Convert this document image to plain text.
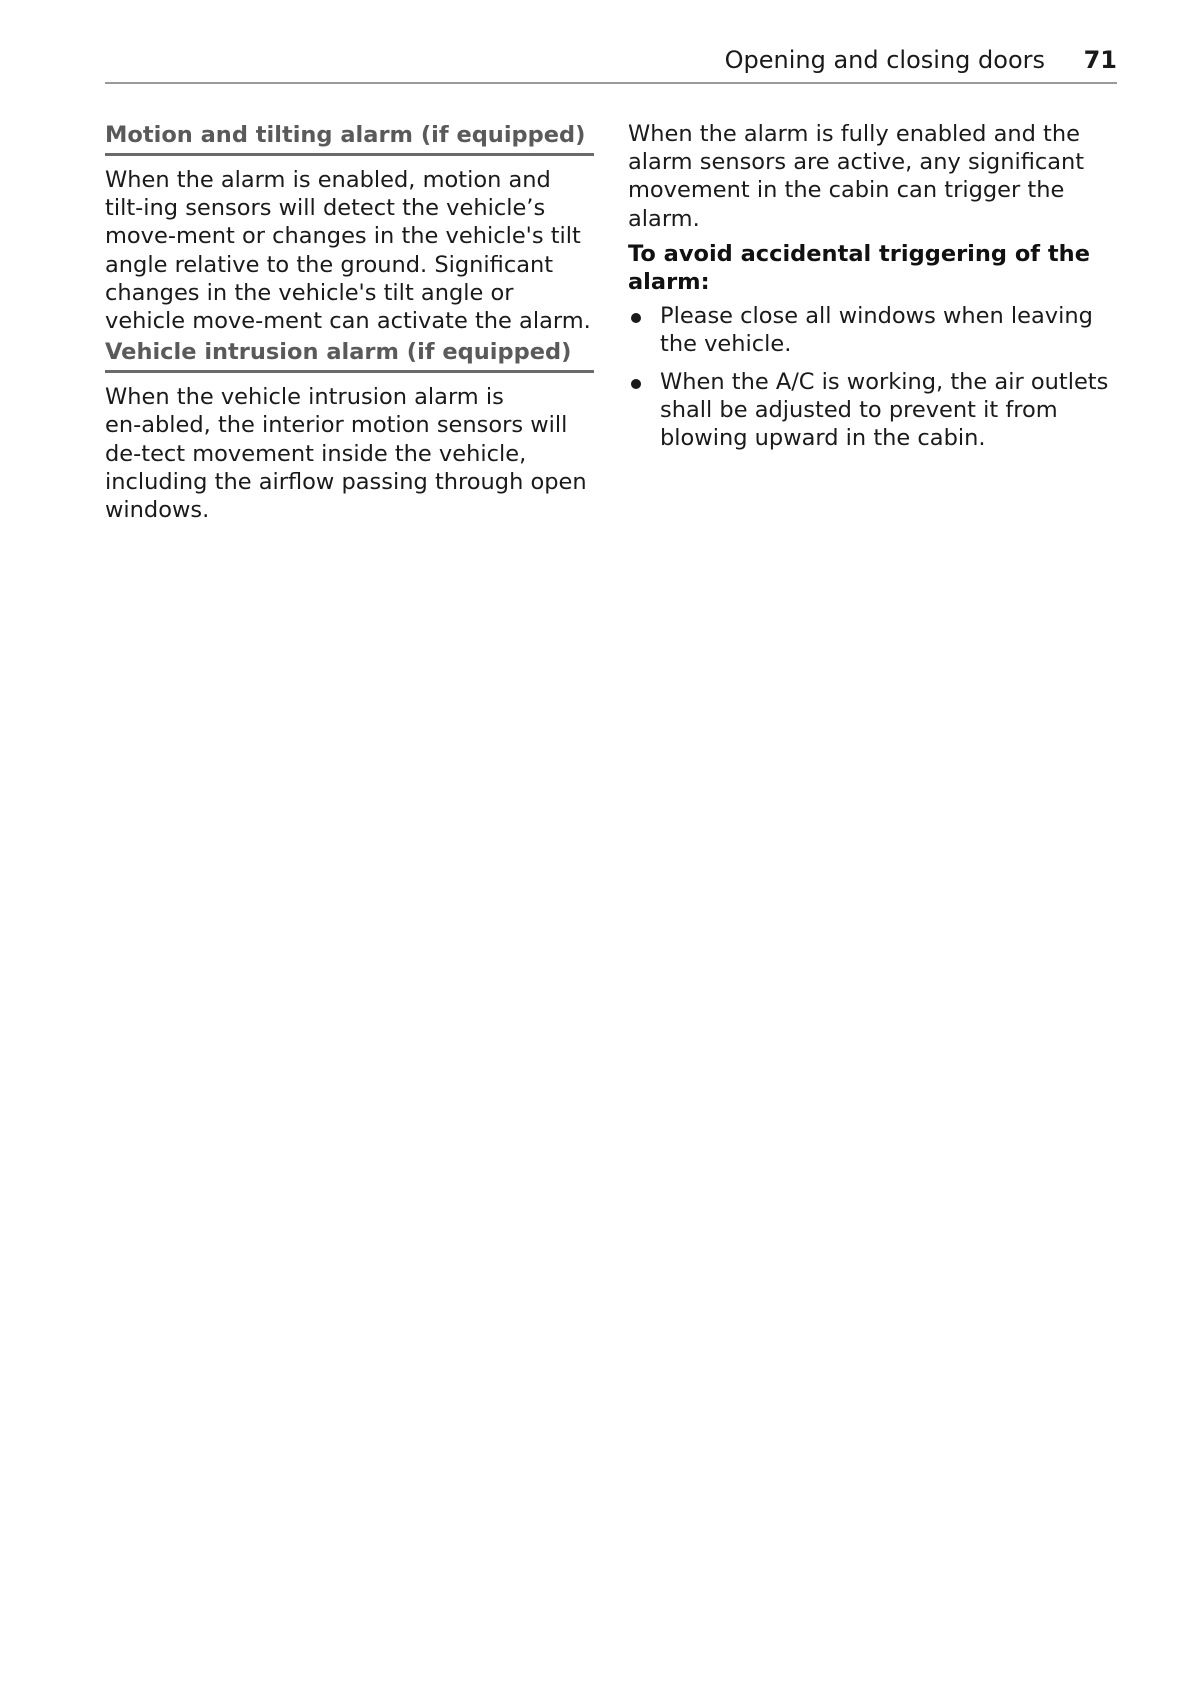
Opening and closing doors 71
Motion and tilting alarm (if equipped)

When the alarm is enabled, motion and tilt‑ing sensors will detect the vehicle’s move‑ment or changes in the vehicle's tilt angle relative to the ground. Significant changes in the vehicle's tilt angle or vehicle move‑ment can activate the alarm.

Vehicle intrusion alarm (if equipped)

When the vehicle intrusion alarm is en‑abled, the interior motion sensors will de‑tect movement inside the vehicle, including the airflow passing through open windows.

When the alarm is fully enabled and the alarm sensors are active, any significant movement in the cabin can trigger the alarm.

To avoid accidental triggering of the alarm:
Please close all windows when leaving the vehicle.
When the A/C is working, the air outlets shall be adjusted to prevent it from blowing upward in the cabin.
